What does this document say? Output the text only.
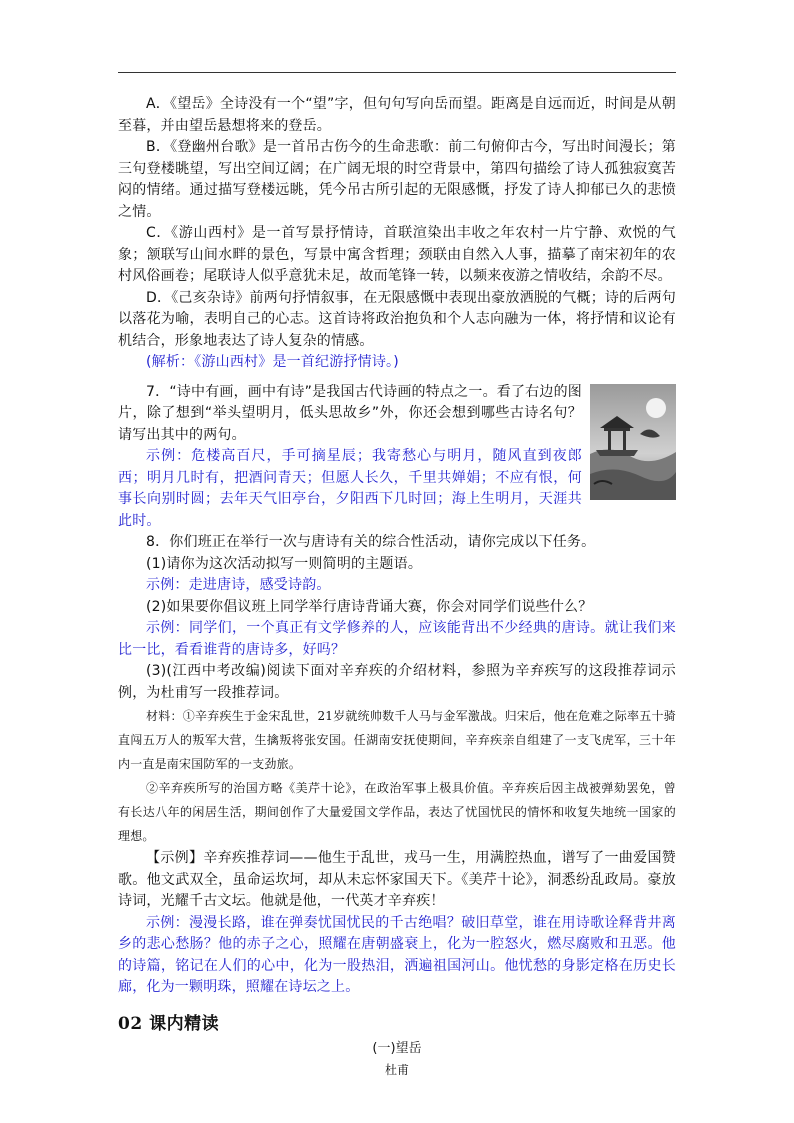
A．《望岳》全诗没有一个“望”字，但句句写向岳而望。距离是自远而近，时间是从朝至暮，并由望岳悬想将来的登岳。

B．《登幽州台歌》是一首吊古伤今的生命悲歌：前二句俯仰古今，写出时间漫长；第三句登楼眺望，写出空间辽阔；在广阔无垠的时空背景中，第四句描绘了诗人孤独寂寞苦闷的情绪。通过描写登楼远眺，凭今吊古所引起的无限感慨，抒发了诗人抑郁已久的悲愤之情。

C．《游山西村》是一首写景抒情诗，首联渲染出丰收之年农村一片宁静、欢悦的气象；颔联写山间水畔的景色，写景中寓含哲理；颈联由自然入人事，描摹了南宋初年的农村风俗画卷；尾联诗人似乎意犹未足，故而笔锋一转，以频来夜游之情收结，余韵不尽。

D．《己亥杂诗》前两句抒情叙事，在无限感慨中表现出豪放洒脱的气概；诗的后两句以落花为喻，表明自己的心志。这首诗将政治抱负和个人志向融为一体，将抒情和议论有机结合，形象地表达了诗人复杂的情感。

(解析：《游山西村》是一首纪游抒情诗。)

7．“诗中有画，画中有诗”是我国古代诗画的特点之一。看了右边的图片，除了想到“举头望明月，低头思故乡”外，你还会想到哪些古诗名句？请写出其中的两句。

示例：危楼高百尺，手可摘星辰；我寄愁心与明月，随风直到夜郎西；明月几时有，把酒问青天；但愿人长久，千里共婵娟；不应有恨，何事长向别时圆；去年天气旧亭台，夕阳西下几时回；海上生明月，天涯共此时。

8．你们班正在举行一次与唐诗有关的综合性活动，请你完成以下任务。

(1)请你为这次活动拟写一则简明的主题语。

示例：走进唐诗，感受诗韵。

(2)如果要你倡议班上同学举行唐诗背诵大赛，你会对同学们说些什么？

示例：同学们，一个真正有文学修养的人，应该能背出不少经典的唐诗。就让我们来比一比，看看谁背的唐诗多，好吗？

(3)(江西中考改编)阅读下面对辛弃疾的介绍材料，参照为辛弃疾写的这段推荐词示例，为杜甫写一段推荐词。

材料：①辛弃疾生于金宋乱世，21岁就统帅数千人马与金军激战。归宋后，他在危难之际率五十骑直闯五万人的叛军大营，生擒叛将张安国。任湖南安抚使期间，辛弃疾亲自组建了一支飞虎军，三十年内一直是南宋国防军的一支劲旅。

②辛弃疾所写的治国方略《美芹十论》，在政治军事上极具价值。辛弃疾后因主战被弹劾罢免，曾有长达八年的闲居生活，期间创作了大量爱国文学作品，表达了忧国忧民的情怀和收复失地统一国家的理想。

【示例】辛弃疾推荐词——他生于乱世，戎马一生，用满腔热血，谱写了一曲爱国赞歌。他文武双全，虽命运坎坷，却从未忘怀家国天下。《美芹十论》，洞悉纷乱政局。豪放诗词，光耀千古文坛。他就是他，一代英才辛弃疾！

示例：漫漫长路，谁在弹奏忧国忧民的千古绝唱？破旧草堂，谁在用诗歌诠释背井离乡的悲心愁肠？他的赤子之心，照耀在唐朝盛衰上，化为一腔怒火，燃尽腐败和丑恶。他的诗篇，铭记在人们的心中，化为一股热泪，洒遍祖国河山。他忧愁的身影定格在历史长廊，化为一颗明珠，照耀在诗坛之上。

02 课内精读
(一)望岳
杜甫
